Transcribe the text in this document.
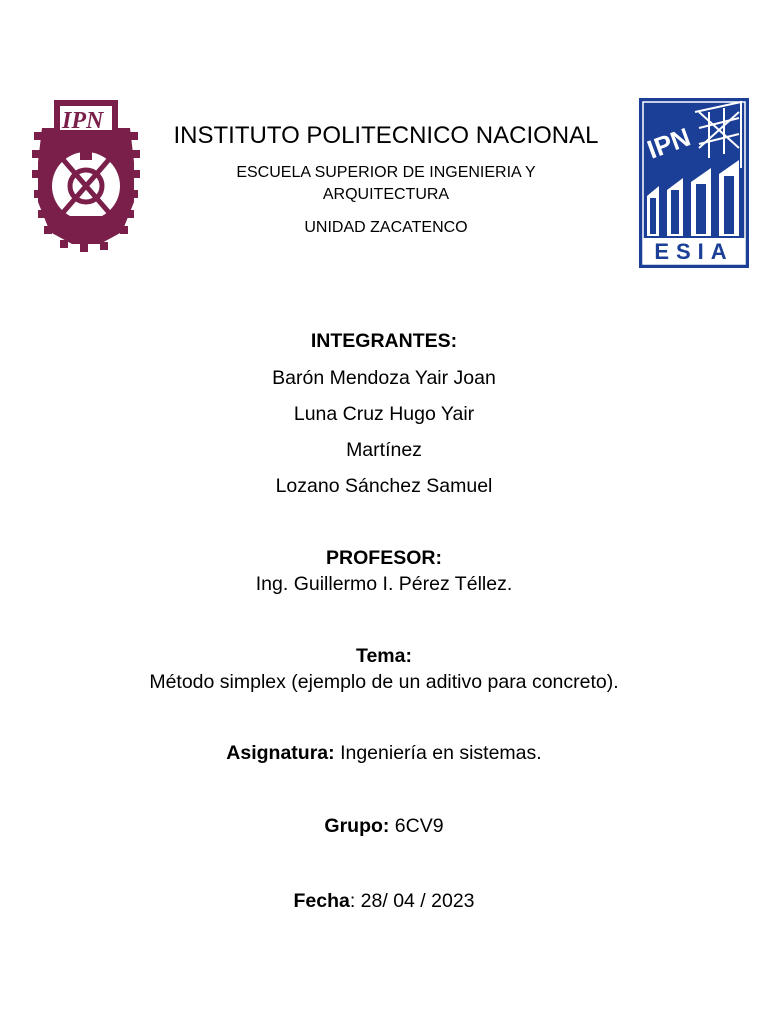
IPN
IPN
ESIA
INSTITUTO POLITECNICO NACIONAL
ESCUELA SUPERIOR DE INGENIERIA Y
ARQUITECTURA
UNIDAD ZACATENCO
INTEGRANTES:
Barón Mendoza Yair Joan
Luna Cruz Hugo Yair
Martínez
Lozano Sánchez Samuel
PROFESOR:
Ing. Guillermo I. Pérez Téllez.
Tema:
Método simplex (ejemplo de un aditivo para concreto).
Asignatura: Ingeniería en sistemas.
Grupo: 6CV9
Fecha: 28/ 04 / 2023
